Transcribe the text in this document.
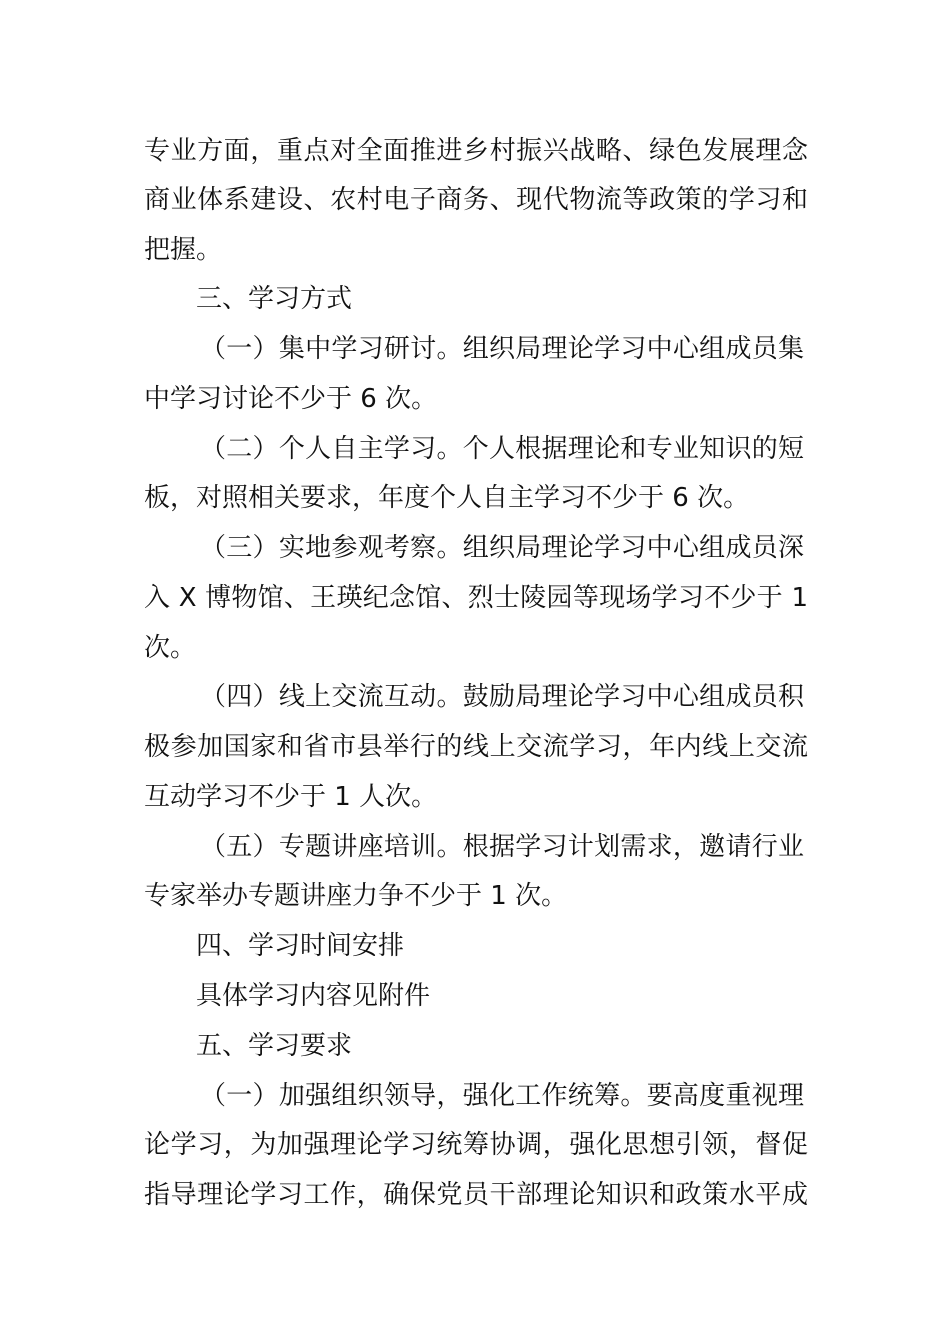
专业方面，重点对全面推进乡村振兴战略、绿色发展理念
商业体系建设、农村电子商务、现代物流等政策的学习和
把握。
三、学习方式
（一）集中学习研讨。组织局理论学习中心组成员集
中学习讨论不少于 6 次。
（二）个人自主学习。个人根据理论和专业知识的短
板，对照相关要求，年度个人自主学习不少于 6 次。
（三）实地参观考察。组织局理论学习中心组成员深
入 X 博物馆、王瑛纪念馆、烈士陵园等现场学习不少于 1
次。
（四）线上交流互动。鼓励局理论学习中心组成员积
极参加国家和省市县举行的线上交流学习，年内线上交流
互动学习不少于 1 人次。
（五）专题讲座培训。根据学习计划需求，邀请行业
专家举办专题讲座力争不少于 1 次。
四、学习时间安排
具体学习内容见附件
五、学习要求
（一）加强组织领导，强化工作统筹。要高度重视理
论学习，为加强理论学习统筹协调，强化思想引领，督促
指导理论学习工作，确保党员干部理论知识和政策水平成
